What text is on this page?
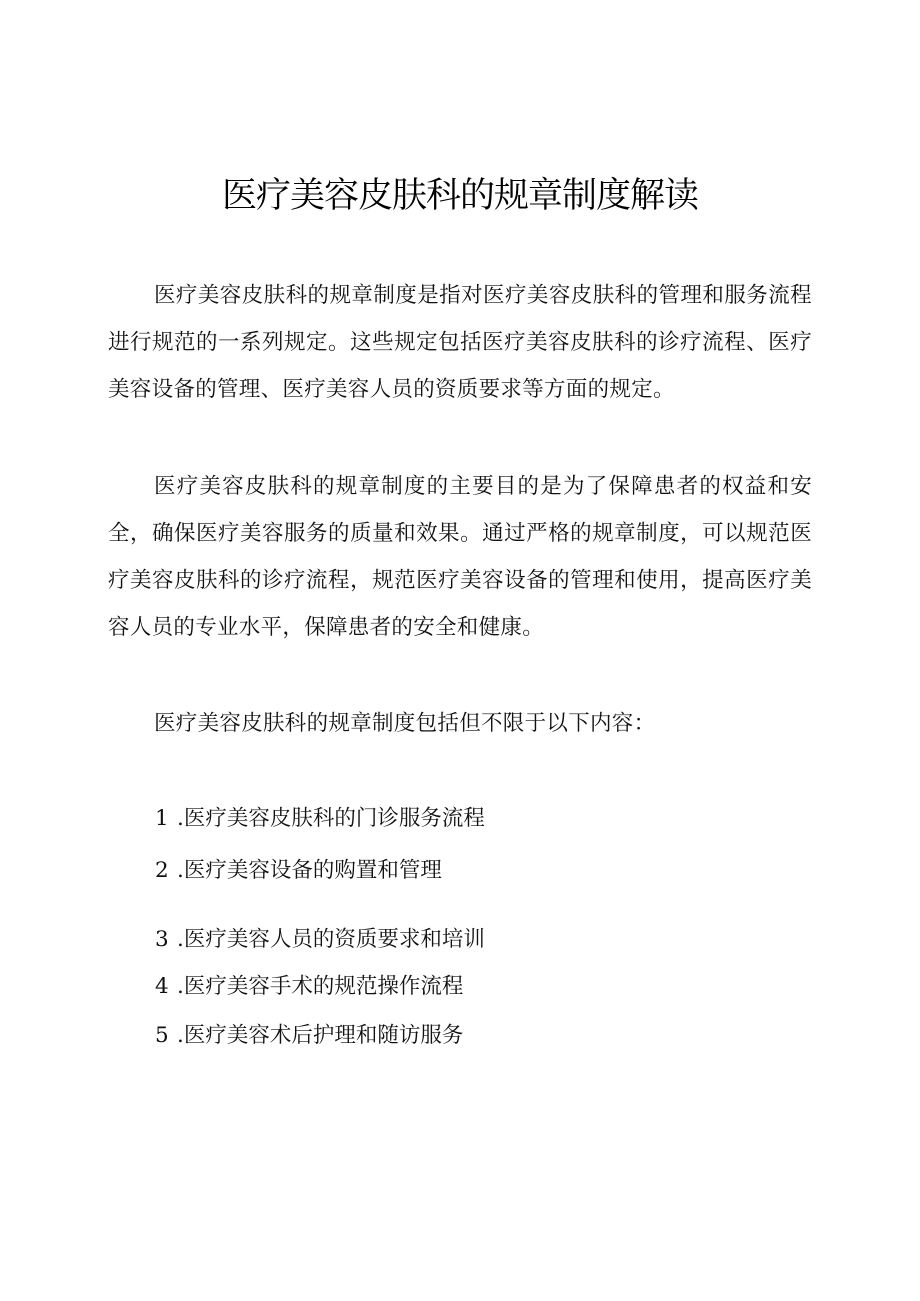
医疗美容皮肤科的规章制度解读

医疗美容皮肤科的规章制度是指对医疗美容皮肤科的管理和服务流程进行规范的一系列规定。这些规定包括医疗美容皮肤科的诊疗流程、医疗美容设备的管理、医疗美容人员的资质要求等方面的规定。

医疗美容皮肤科的规章制度的主要目的是为了保障患者的权益和安全，确保医疗美容服务的质量和效果。通过严格的规章制度，可以规范医疗美容皮肤科的诊疗流程，规范医疗美容设备的管理和使用，提高医疗美容人员的专业水平，保障患者的安全和健康。

医疗美容皮肤科的规章制度包括但不限于以下内容：

1 .医疗美容皮肤科的门诊服务流程
2 .医疗美容设备的购置和管理
3 .医疗美容人员的资质要求和培训
4 .医疗美容手术的规范操作流程
5 .医疗美容术后护理和随访服务
